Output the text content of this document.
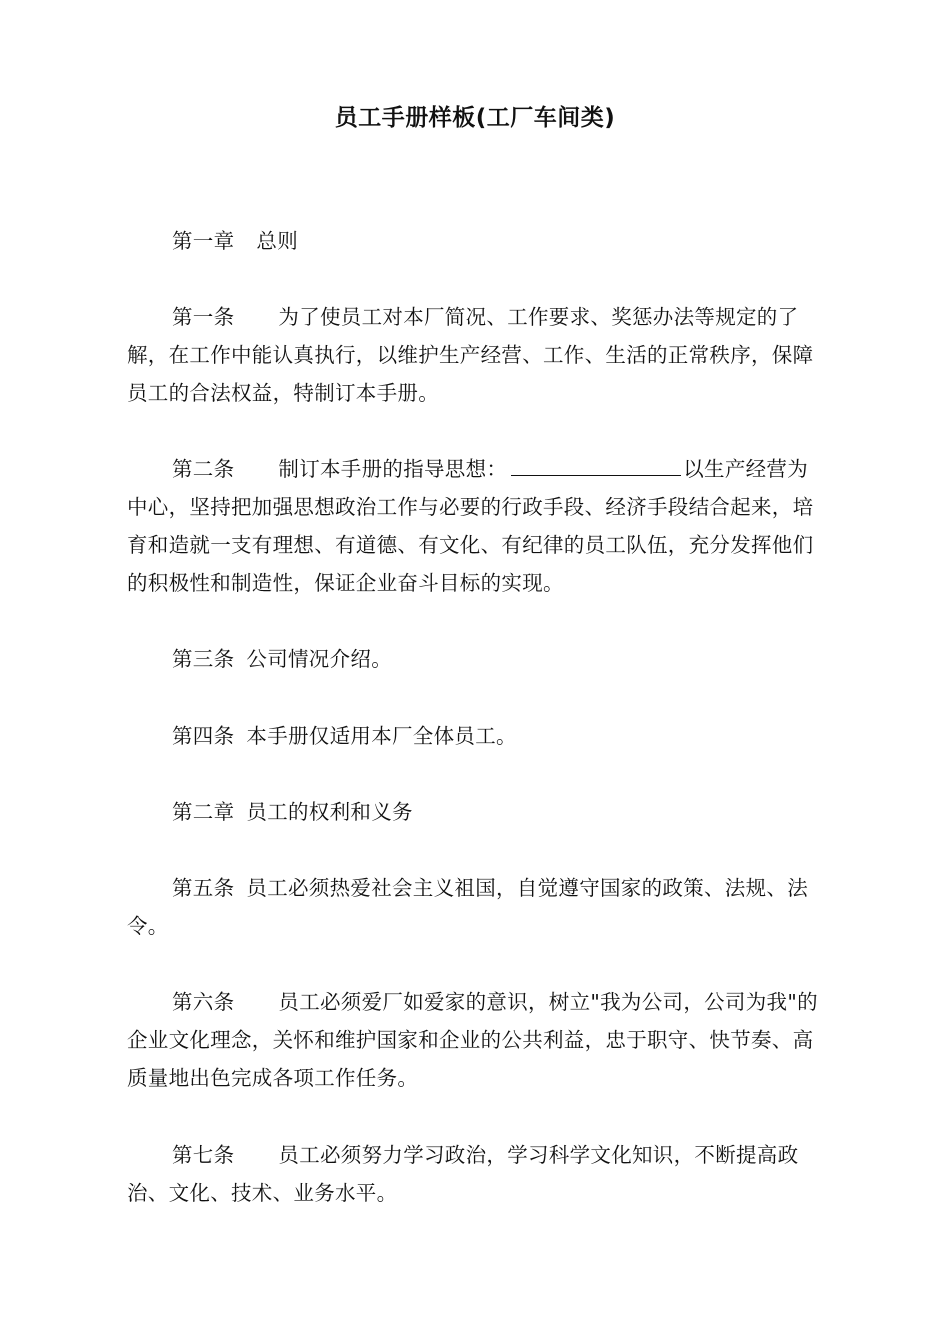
员工手册样板(工厂车间类)

第一章 总则

第一条 为了使员工对本厂简况、工作要求、奖惩办法等规定的了解，在工作中能认真执行，以维护生产经营、工作、生活的正常秩序，保障员工的合法权益，特制订本手册。

第二条 制订本手册的指导思想：	以生产经营为中心，坚持把加强思想政治工作与必要的行政手段、经济手段结合起来，培育和造就一支有理想、有道德、有文化、有纪律的员工队伍，充分发挥他们的积极性和制造性，保证企业奋斗目标的实现。

第三条 公司情况介绍。

第四条 本手册仅适用本厂全体员工。

第二章 员工的权利和义务

第五条 员工必须热爱社会主义祖国，自觉遵守国家的政策、法规、法令。

第六条 员工必须爱厂如爱家的意识，树立"我为公司，公司为我"的企业文化理念，关怀和维护国家和企业的公共利益，忠于职守、快节奏、高质量地出色完成各项工作任务。

第七条 员工必须努力学习政治，学习科学文化知识，不断提高政治、文化、技术、业务水平。
